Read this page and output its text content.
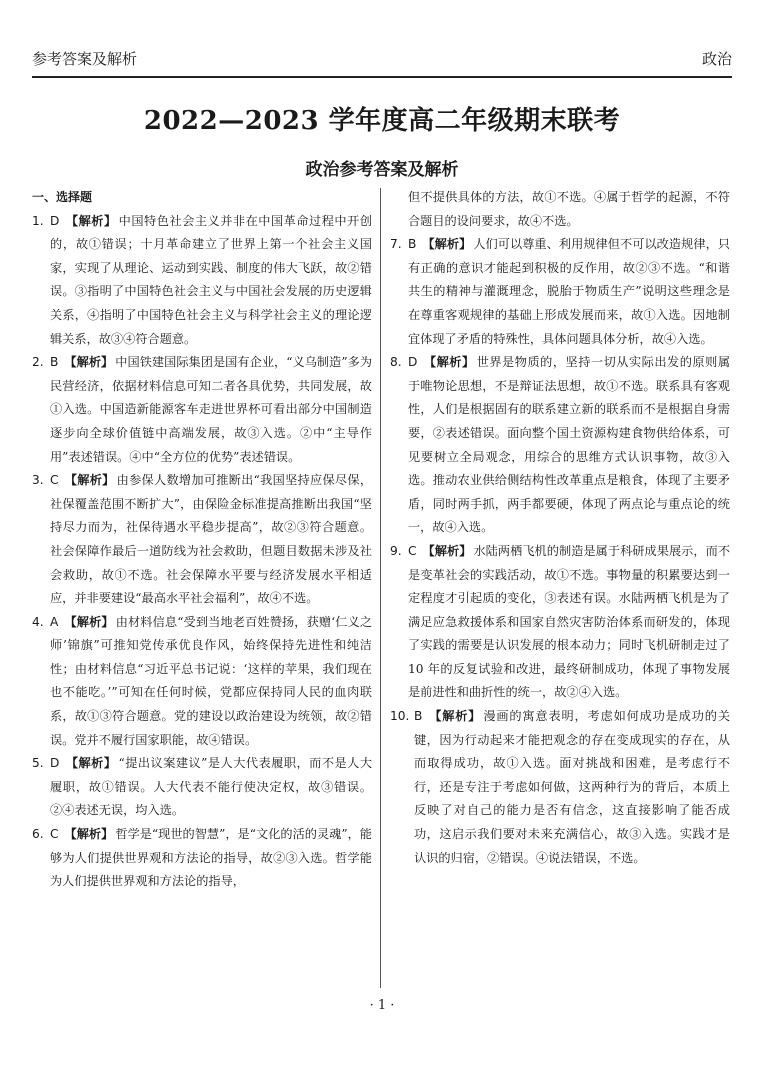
参考答案及解析	政治
2022—2023 学年度高二年级期末联考
政治参考答案及解析
一、选择题
1. D 【解析】 中国特色社会主义并非在中国革命过程中开创的，故①错误；十月革命建立了世界上第一个社会主义国家，实现了从理论、运动到实践、制度的伟大飞跃，故②错误。③指明了中国特色社会主义与中国社会发展的历史逻辑关系，④指明了中国特色社会主义与科学社会主义的理论逻辑关系，故③④符合题意。
2. B 【解析】 中国铁建国际集团是国有企业，“义乌制造”多为民营经济，依据材料信息可知二者各具优势，共同发展，故①入选。中国造新能源客车走进世界杯可看出部分中国制造逐步向全球价值链中高端发展，故③入选。②中“主导作用”表述错误。④中“全方位的优势”表述错误。
3. C 【解析】 由参保人数增加可推断出“我国坚持应保尽保，社保覆盖范围不断扩大”，由保险金标准提高推断出我国“坚持尽力而为，社保待遇水平稳步提高”，故②③符合题意。社会保障作最后一道防线为社会救助，但题目数据未涉及社会救助，故①不选。社会保障水平要与经济发展水平相适应，并非要建设“最高水平社会福利”，故④不选。
4. A 【解析】 由材料信息“受到当地老百姓赞扬，获赠‘仁义之师’锦旗”可推知党传承优良作风，始终保持先进性和纯洁性；由材料信息“习近平总书记说：‘这样的苹果，我们现在也不能吃。’”可知在任何时候，党都应保持同人民的血肉联系，故①③符合题意。党的建设以政治建设为统领，故②错误。党并不履行国家职能，故④错误。
5. D 【解析】 “提出议案建议”是人大代表履职，而不是人大履职，故①错误。人大代表不能行使决定权，故③错误。②④表述无误，均入选。
6. C 【解析】 哲学是“现世的智慧”，是“文化的活的灵魂”，能够为人们提供世界观和方法论的指导，故②③入选。哲学能为人们提供世界观和方法论的指导，
但不提供具体的方法，故①不选。④属于哲学的起源，不符合题目的设问要求，故④不选。
7. B 【解析】 人们可以尊重、利用规律但不可以改造规律，只有正确的意识才能起到积极的反作用，故②③不选。“和谐共生的精神与灌溉理念，脱胎于物质生产”说明这些理念是在尊重客观规律的基础上形成发展而来，故①入选。因地制宜体现了矛盾的特殊性，具体问题具体分析，故④入选。
8. D 【解析】 世界是物质的，坚持一切从实际出发的原则属于唯物论思想，不是辩证法思想，故①不选。联系具有客观性，人们是根据固有的联系建立新的联系而不是根据自身需要，②表述错误。面向整个国土资源构建食物供给体系，可见要树立全局观念，用综合的思维方式认识事物，故③入选。推动农业供给侧结构性改革重点是粮食，体现了主要矛盾，同时两手抓，两手都要硬，体现了两点论与重点论的统一，故④入选。
9. C 【解析】 水陆两栖飞机的制造是属于科研成果展示，而不是变革社会的实践活动，故①不选。事物量的积累要达到一定程度才引起质的变化，③表述有误。水陆两栖飞机是为了满足应急救援体系和国家自然灾害防治体系而研发的，体现了实践的需要是认识发展的根本动力；同时飞机研制走过了 10 年的反复试验和改进，最终研制成功，体现了事物发展是前进性和曲折性的统一，故②④入选。
10. B 【解析】 漫画的寓意表明，考虑如何成功是成功的关键，因为行动起来才能把观念的存在变成现实的存在，从而取得成功，故①入选。面对挑战和困难，是考虑行不行，还是专注于考虑如何做，这两种行为的背后，本质上反映了对自己的能力是否有信念，这直接影响了能否成功，这启示我们要对未来充满信心，故③入选。实践才是认识的归宿，②错误。④说法错误，不选。
· 1 ·
